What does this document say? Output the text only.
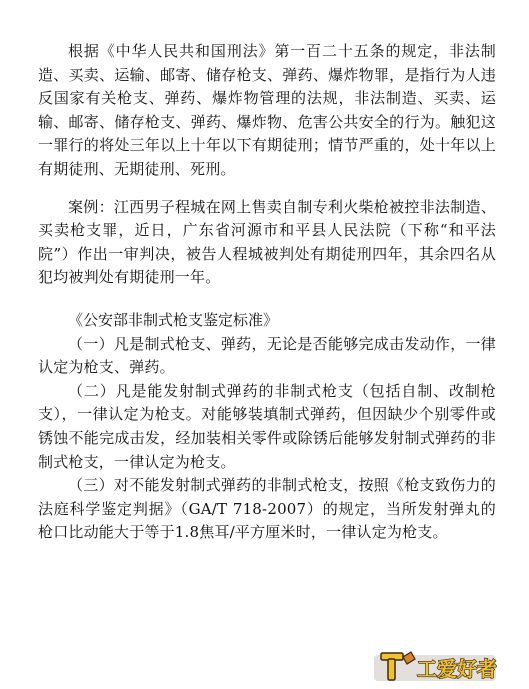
根据《中华人民共和国刑法》第一百二十五条的规定，非法制造、买卖、运输、邮寄、储存枪支、弹药、爆炸物罪，是指行为人违反国家有关枪支、弹药、爆炸物管理的法规，非法制造、买卖、运输、邮寄、储存枪支、弹药、爆炸物、危害公共安全的行为。触犯这一罪行的将处三年以上十年以下有期徒刑；情节严重的，处十年以上有期徒刑、无期徒刑、死刑。

案例：江西男子程城在网上售卖自制专利火柴枪被控非法制造、买卖枪支罪，近日，广东省河源市和平县人民法院（下称“和平法院”）作出一审判决，被告人程城被判处有期徒刑四年，其余四名从犯均被判处有期徒刑一年。

《公安部非制式枪支鉴定标准》

（一）凡是制式枪支、弹药，无论是否能够完成击发动作，一律认定为枪支、弹药。

（二）凡是能发射制式弹药的非制式枪支（包括自制、改制枪支），一律认定为枪支。对能够装填制式弹药，但因缺少个别零件或锈蚀不能完成击发，经加装相关零件或除锈后能够发射制式弹药的非制式枪支，一律认定为枪支。

（三）对不能发射制式弹药的非制式枪支，按照《枪支致伤力的法庭科学鉴定判据》（GA/T 718-2007）的规定，当所发射弹丸的枪口比动能大于等于1.8焦耳/平方厘米时，一律认定为枪支。

工爱好者
